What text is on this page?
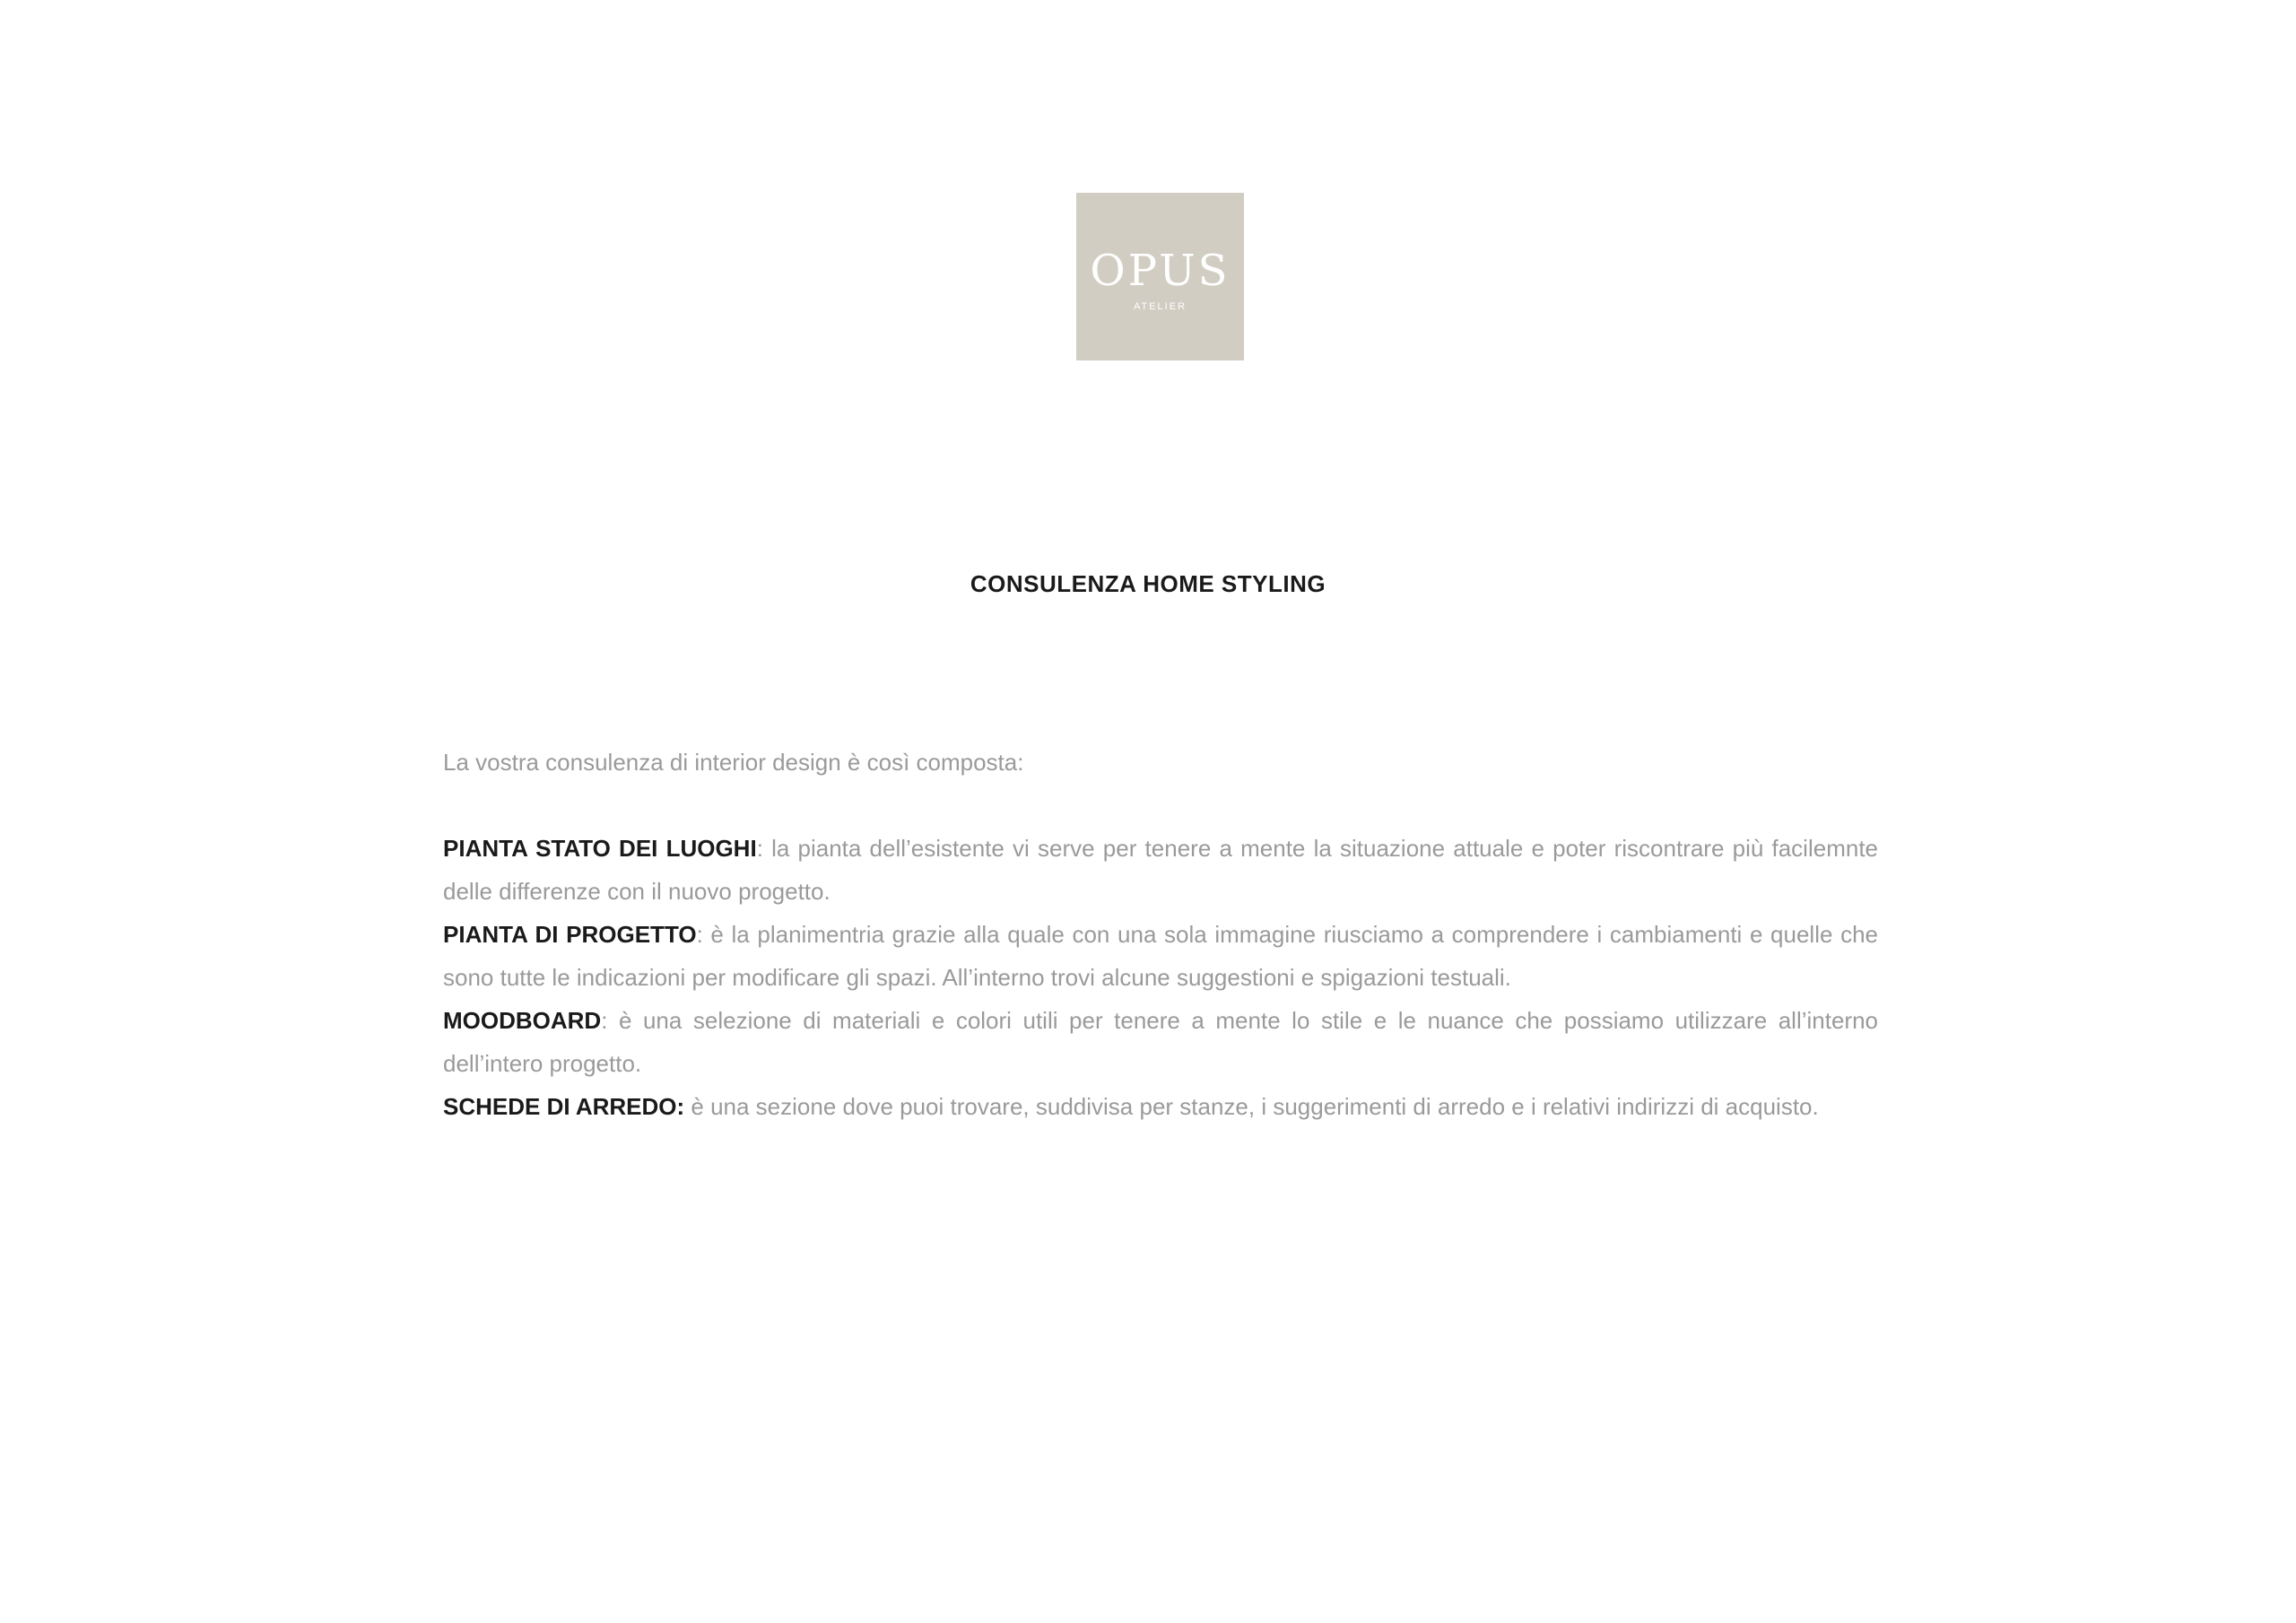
OPUS
ATELIER
CONSULENZA HOME STYLING

La vostra consulenza di interior design è così composta:

PIANTA STATO DEI LUOGHI: la pianta dell’esistente vi serve per tenere a mente la situazione attuale e poter riscontrare più facilemnte delle differenze con il nuovo progetto.

PIANTA DI PROGETTO: è la planimentria grazie alla quale con una sola immagine riusciamo a comprendere i cambiamenti e quelle che sono tutte le indicazioni per modificare gli spazi. All’interno trovi alcune suggestioni e spigazioni testuali.

MOODBOARD: è una selezione di materiali e colori utili per tenere a mente lo stile e le nuance che possiamo utilizzare all’interno dell’intero progetto.

SCHEDE DI ARREDO: è una sezione dove puoi trovare, suddivisa per stanze, i suggerimenti di arredo e i relativi indirizzi di acquisto.
